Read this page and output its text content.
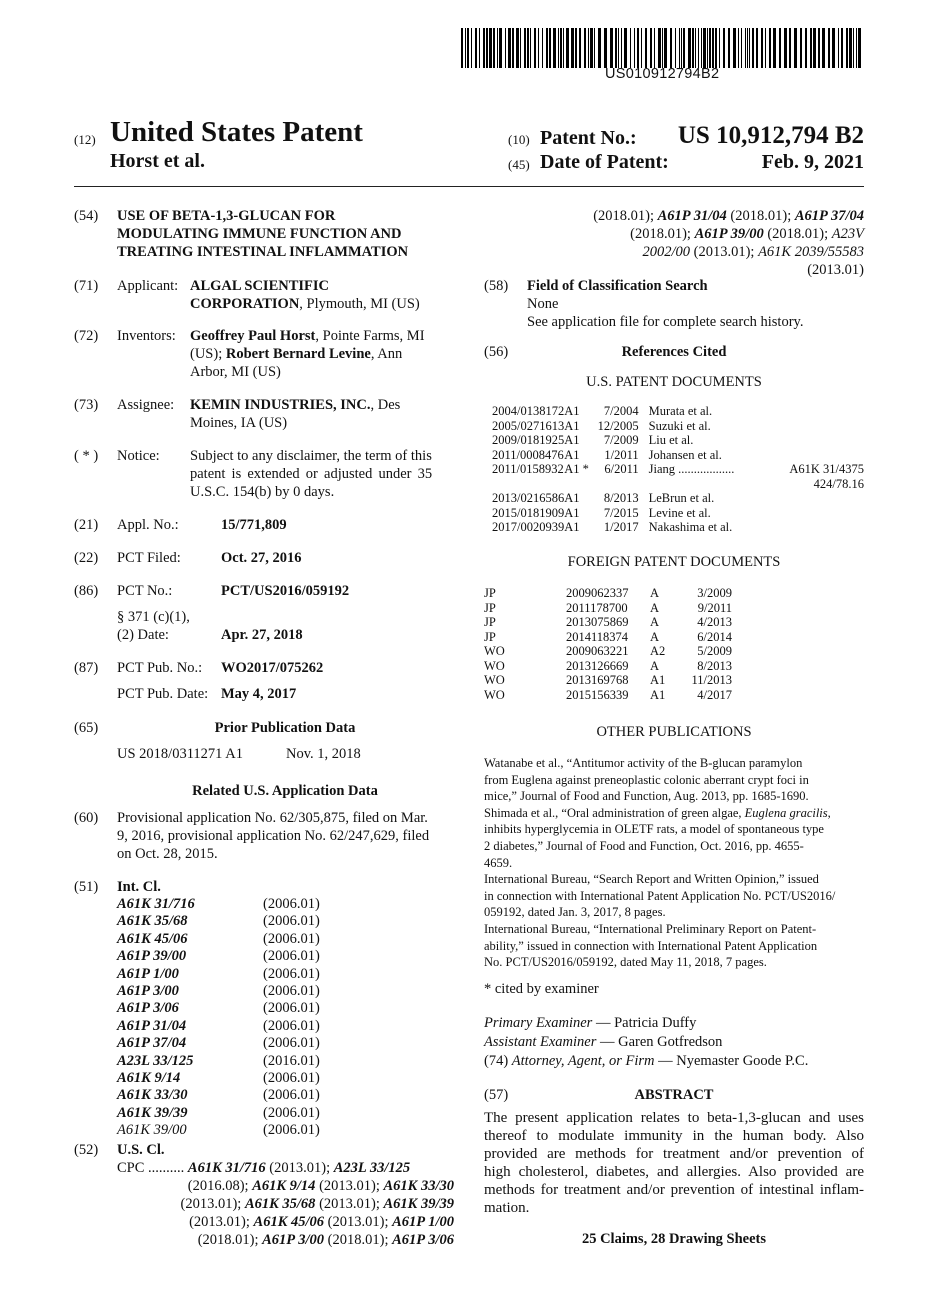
US010912794B2
(12) United States Patent
Horst et al.
(10) Patent No.: US 10,912,794 B2
(45) Date of Patent:	Feb. 9, 2021
(54) USE OF BETA-1,3-GLUCAN FOR
MODULATING IMMUNE FUNCTION AND
TREATING INTESTINAL INFLAMMATION
(71) Applicant: ALGAL SCIENTIFIC
CORPORATION, Plymouth, MI (US)
(72) Inventors: Geoffrey Paul Horst, Pointe Farms, MI
(US); Robert Bernard Levine, Ann
Arbor, MI (US)
(73) Assignee: KEMIN INDUSTRIES, INC., Des
Moines, IA (US)
( * ) Notice: Subject to any disclaimer, the term of this
patent is extended or adjusted under 35
U.S.C. 154(b) by 0 days.
(21) Appl. No.:	15/771,809
(22) PCT Filed:	Oct. 27, 2016
(86) PCT No.:	PCT/US2016/059192
§ 371 (c)(1),
(2) Date:	Apr. 27, 2018
(87) PCT Pub. No.: WO2017/075262
PCT Pub. Date: May 4, 2017
(65)	Prior Publication Data
US 2018/0311271 A1	Nov. 1, 2018
Related U.S. Application Data
(60) Provisional application No. 62/305,875, filed on Mar.
9, 2016, provisional application No. 62/247,629, filed
on Oct. 28, 2015.
(51) Int. Cl.
A61K 31/716	(2006.01)
A61K 35/68	(2006.01)
A61K 45/06	(2006.01)
A61P 39/00	(2006.01)
A61P 1/00	(2006.01)
A61P 3/00	(2006.01)
A61P 3/06	(2006.01)
A61P 31/04	(2006.01)
A61P 37/04	(2006.01)
A23L 33/125	(2016.01)
A61K 9/14	(2006.01)
A61K 33/30	(2006.01)
A61K 39/39	(2006.01)
A61K 39/00	(2006.01)
(52) U.S. Cl.
CPC .......... A61K 31/716 (2013.01); A23L 33/125
(2016.08); A61K 9/14 (2013.01); A61K 33/30
(2013.01); A61K 35/68 (2013.01); A61K 39/39
(2013.01); A61K 45/06 (2013.01); A61P 1/00
(2018.01); A61P 3/00 (2018.01); A61P 3/06
(2018.01); A61P 31/04 (2018.01); A61P 37/04
(2018.01); A61P 39/00 (2018.01); A23V
2002/00 (2013.01); A61K 2039/55583
(2013.01)
(58) Field of Classification Search
None
See application file for complete search history.
(56)	References Cited
U.S. PATENT DOCUMENTS
2004/0138172	A1	7/2004	Murata et al.	
2005/0271613	A1	12/2005	Suzuki et al.	
2009/0181925	A1	7/2009	Liu et al.	
2011/0008476	A1	1/2011	Johansen et al.	
2011/0158932	A1 *	6/2011	Jiang ..................	A61K 31/4375
				424/78.16
2013/0216586	A1	8/2013	LeBrun et al.	
2015/0181909	A1	7/2015	Levine et al.	
2017/0020939	A1	1/2017	Nakashima et al.	
FOREIGN PATENT DOCUMENTS
JP	2009062337	A	3/2009
JP	2011178700	A	9/2011
JP	2013075869	A	4/2013
JP	2014118374	A	6/2014
WO	2009063221	A2	5/2009
WO	2013126669	A	8/2013
WO	2013169768	A1	11/2013
WO	2015156339	A1	4/2017
OTHER PUBLICATIONS
Watanabe et al., “Antitumor activity of the B-glucan paramylon
from Euglena against preneoplastic colonic aberrant crypt foci in
mice,” Journal of Food and Function, Aug. 2013, pp. 1685-1690.
Shimada et al., “Oral administration of green algae, Euglena gracilis,
inhibits hyperglycemia in OLETF rats, a model of spontaneous type
2 diabetes,” Journal of Food and Function, Oct. 2016, pp. 4655-
4659.
International Bureau, “Search Report and Written Opinion,” issued
in connection with International Patent Application No. PCT/US2016/
059192, dated Jan. 3, 2017, 8 pages.
International Bureau, “International Preliminary Report on Patent-
ability,” issued in connection with International Patent Application
No. PCT/US2016/059192, dated May 11, 2018, 7 pages.
* cited by examiner
Primary Examiner — Patricia Duffy
Assistant Examiner — Garen Gotfredson
(74) Attorney, Agent, or Firm — Nyemaster Goode P.C.
(57)	ABSTRACT
The present application relates to beta-1,3-glucan and uses
thereof to modulate immunity in the human body. Also
provided are methods for treatment and/or prevention of
high cholesterol, diabetes, and allergies. Also provided are
methods for treatment and/or prevention of intestinal inflam-
mation.
25 Claims, 28 Drawing Sheets
